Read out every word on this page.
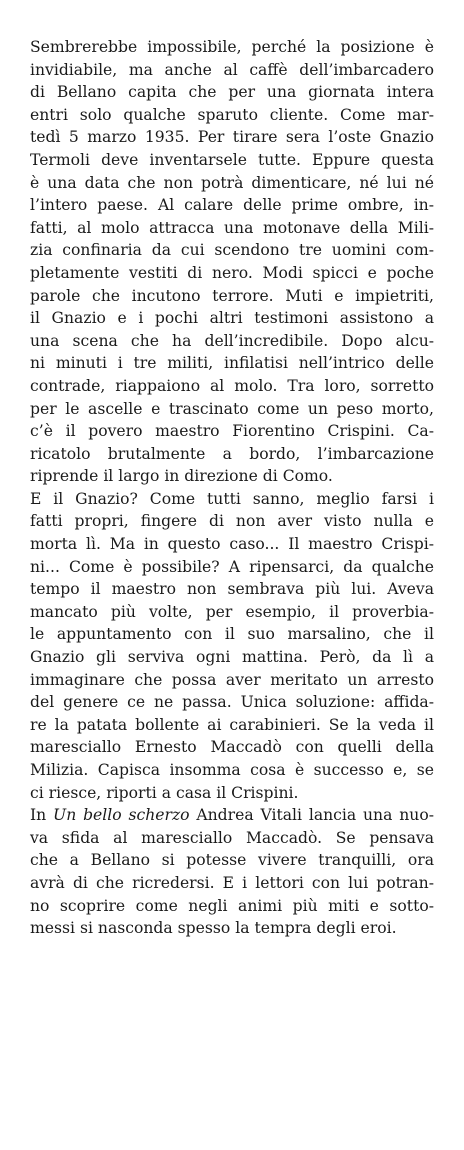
Sembrerebbe impossibile, perché la posizione è
invidiabile, ma anche al caffè dell’imbarcadero
di Bellano capita che per una giornata intera
entri solo qualche sparuto cliente. Come mar-
tedì 5 marzo 1935. Per tirare sera l’oste Gnazio
Termoli deve inventarsele tutte. Eppure questa
è una data che non potrà dimenticare, né lui né
l’intero paese. Al calare delle prime ombre, in-
fatti, al molo attracca una motonave della Mili-
zia confinaria da cui scendono tre uomini com-
pletamente vestiti di nero. Modi spicci e poche
parole che incutono terrore. Muti e impietriti,
il Gnazio e i pochi altri testimoni assistono a
una scena che ha dell’incredibile. Dopo alcu-
ni minuti i tre militi, infilatisi nell’intrico delle
contrade, riappaiono al molo. Tra loro, sorretto
per le ascelle e trascinato come un peso morto,
c’è il povero maestro Fiorentino Crispini. Ca-
ricatolo brutalmente a bordo, l’imbarcazione
riprende il largo in direzione di Como.
E il Gnazio? Come tutti sanno, meglio farsi i
fatti propri, fingere di non aver visto nulla e
morta lì. Ma in questo caso... Il maestro Crispi-
ni... Come è possibile? A ripensarci, da qualche
tempo il maestro non sembrava più lui. Aveva
mancato più volte, per esempio, il proverbia-
le appuntamento con il suo marsalino, che il
Gnazio gli serviva ogni mattina. Però, da lì a
immaginare che possa aver meritato un arresto
del genere ce ne passa. Unica soluzione: affida-
re la patata bollente ai carabinieri. Se la veda il
maresciallo Ernesto Maccadò con quelli della
Milizia. Capisca insomma cosa è successo e, se
ci riesce, riporti a casa il Crispini.
In Un bello scherzo Andrea Vitali lancia una nuo-
va sfida al maresciallo Maccadò. Se pensava
che a Bellano si potesse vivere tranquilli, ora
avrà di che ricredersi. E i lettori con lui potran-
no scoprire come negli animi più miti e sotto-
messi si nasconda spesso la tempra degli eroi.
